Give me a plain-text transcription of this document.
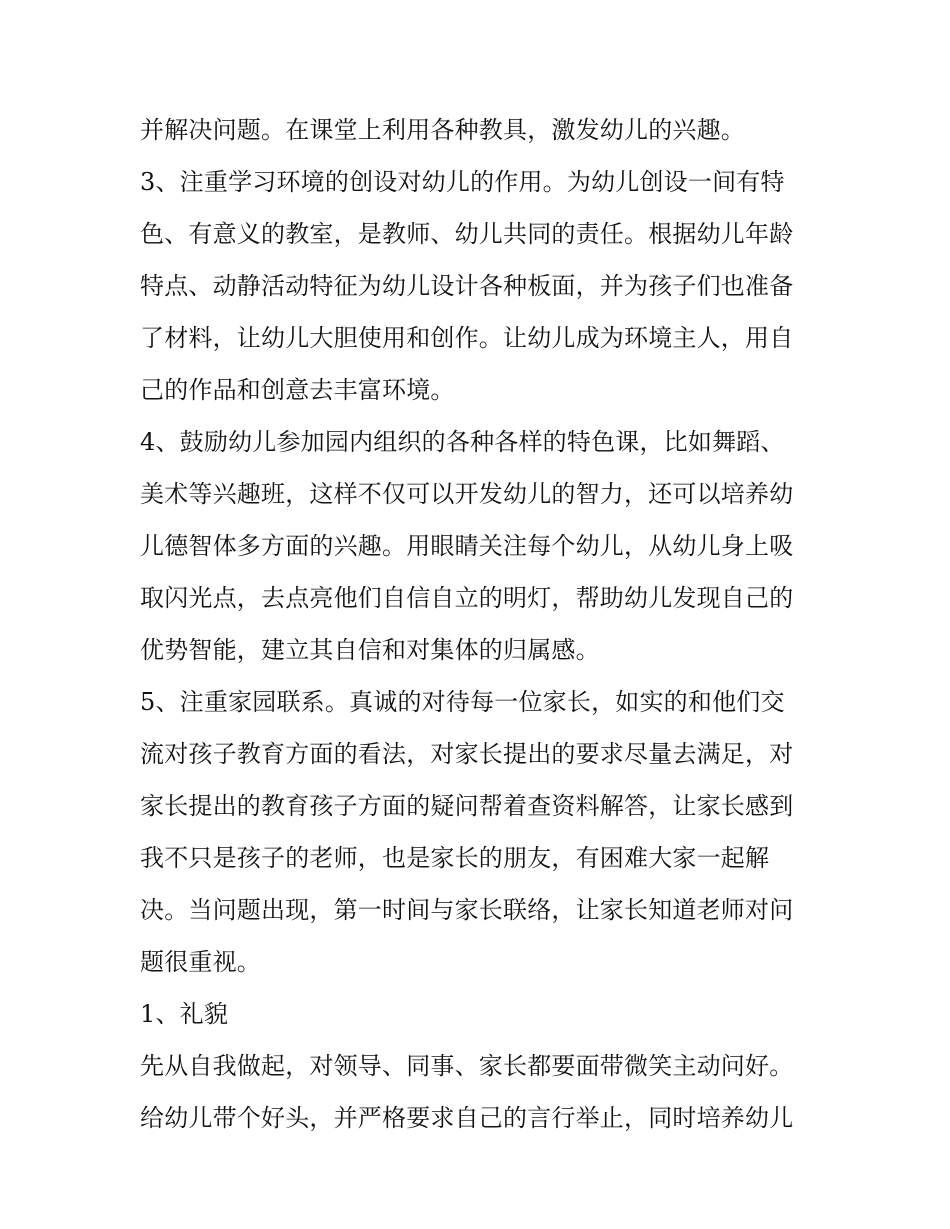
并解决问题。在课堂上利用各种教具，激发幼儿的兴趣。
3、注重学习环境的创设对幼儿的作用。为幼儿创设一间有特
色、有意义的教室，是教师、幼儿共同的责任。根据幼儿年龄
特点、动静活动特征为幼儿设计各种板面，并为孩子们也准备
了材料，让幼儿大胆使用和创作。让幼儿成为环境主人，用自
己的作品和创意去丰富环境。
4、鼓励幼儿参加园内组织的各种各样的特色课，比如舞蹈、
美术等兴趣班，这样不仅可以开发幼儿的智力，还可以培养幼
儿德智体多方面的兴趣。用眼睛关注每个幼儿，从幼儿身上吸
取闪光点，去点亮他们自信自立的明灯，帮助幼儿发现自己的
优势智能，建立其自信和对集体的归属感。
5、注重家园联系。真诚的对待每一位家长，如实的和他们交
流对孩子教育方面的看法，对家长提出的要求尽量去满足，对
家长提出的教育孩子方面的疑问帮着查资料解答，让家长感到
我不只是孩子的老师，也是家长的朋友，有困难大家一起解
决。当问题出现，第一时间与家长联络，让家长知道老师对问
题很重视。
1、礼貌
先从自我做起，对领导、同事、家长都要面带微笑主动问好。
给幼儿带个好头，并严格要求自己的言行举止，同时培养幼儿
